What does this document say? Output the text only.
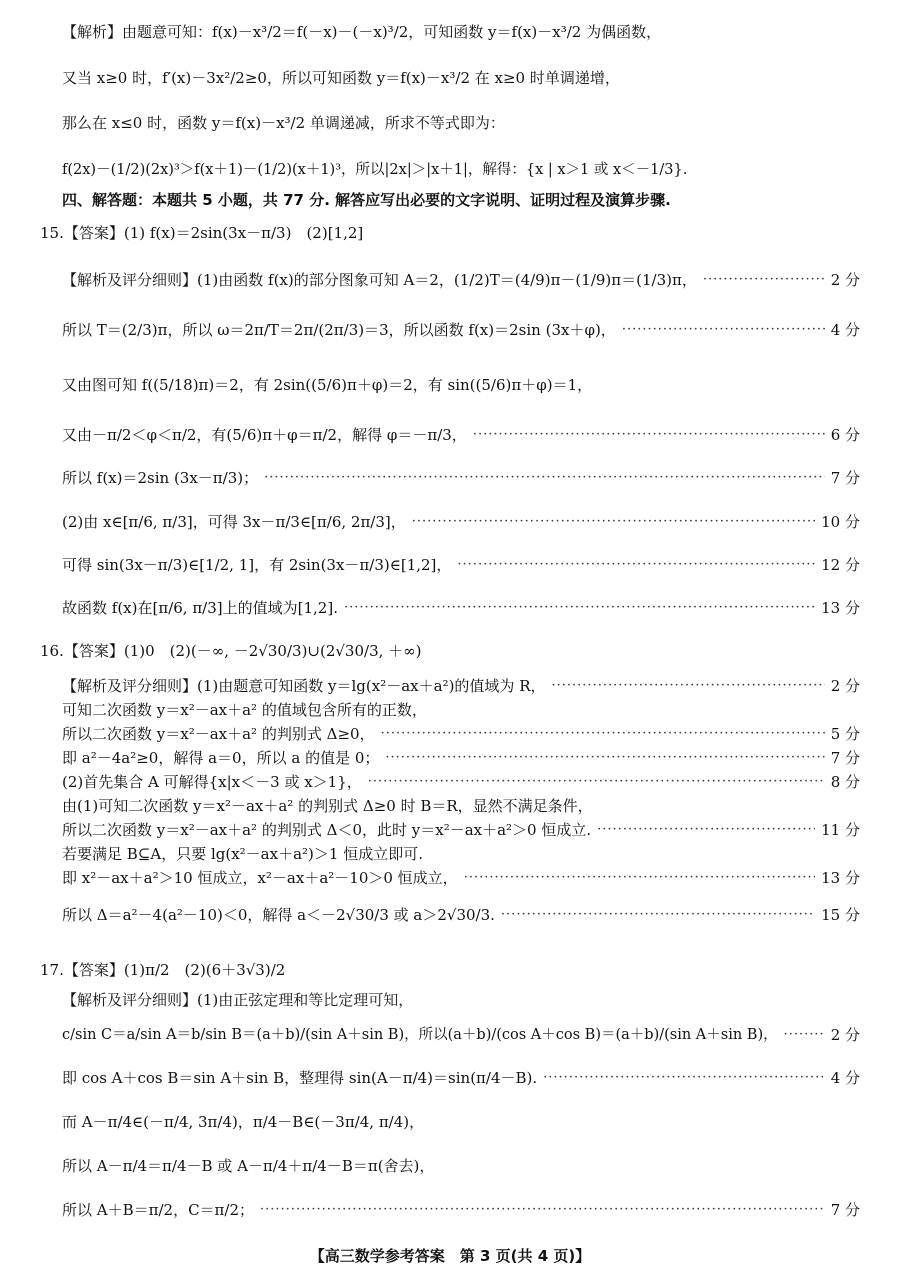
【解析】由题意可知：f(x)－x³/2＝f(－x)－(－x)³/2，可知函数 y＝f(x)－x³/2 为偶函数，
又当 x≥0 时，f′(x)－3x²/2≥0，所以可知函数 y＝f(x)－x³/2 在 x≥0 时单调递增，
那么在 x≤0 时，函数 y＝f(x)－x³/2 单调递减，所求不等式即为：
f(2x)－(1/2)(2x)³＞f(x＋1)－(1/2)(x＋1)³，所以|2x|＞|x＋1|，解得：{x | x＞1 或 x＜－1/3}.
四、解答题：本题共 5 小题，共 77 分. 解答应写出必要的文字说明、证明过程及演算步骤.
15.【答案】(1) f(x)＝2sin(3x－π/3)　(2)[1,2]
【解析及评分细则】(1)由函数 f(x)的部分图象可知 A＝2，(1/2)T＝(4/9)π－(1/9)π＝(1/3)π， ·····	2 分
所以 T＝(2/3)π，所以 ω＝2π/T＝2π/(2π/3)＝3，所以函数 f(x)＝2sin (3x＋φ)， ·····	4 分
又由图可知 f((5/18)π)＝2，有 2sin((5/6)π＋φ)＝2，有 sin((5/6)π＋φ)＝1，
又由－π/2＜φ＜π/2，有(5/6)π＋φ＝π/2，解得 φ＝－π/3， ·····	6 分
所以 f(x)＝2sin (3x－π/3)； ·····	7 分
(2)由 x∈[π/6, π/3]，可得 3x－π/3∈[π/6, 2π/3]， ·····	10 分
可得 sin(3x－π/3)∈[1/2, 1]，有 2sin(3x－π/3)∈[1,2]， ·····	12 分
故函数 f(x)在[π/6, π/3]上的值域为[1,2]. ·····	13 分
16.【答案】(1)0　(2)(－∞, －2√30/3)∪(2√30/3, ＋∞)
【解析及评分细则】(1)由题意可知函数 y＝lg(x²－ax＋a²)的值域为 R， ·····	2 分
可知二次函数 y＝x²－ax＋a² 的值域包含所有的正数，
所以二次函数 y＝x²－ax＋a² 的判别式 Δ≥0， ·····	5 分
即 a²－4a²≥0，解得 a＝0，所以 a 的值是 0； ·····	7 分
(2)首先集合 A 可解得{x|x＜－3 或 x＞1}， ·····	8 分
由(1)可知二次函数 y＝x²－ax＋a² 的判别式 Δ≥0 时 B＝R，显然不满足条件，
所以二次函数 y＝x²－ax＋a² 的判别式 Δ＜0，此时 y＝x²－ax＋a²＞0 恒成立. ·····	11 分
若要满足 B⊆A，只要 lg(x²－ax＋a²)＞1 恒成立即可.
即 x²－ax＋a²＞10 恒成立，x²－ax＋a²－10＞0 恒成立， ·····	13 分
所以 Δ＝a²－4(a²－10)＜0，解得 a＜－2√30/3 或 a＞2√30/3. ·····	15 分
17.【答案】(1)π/2　(2)(6＋3√3)/2
【解析及评分细则】(1)由正弦定理和等比定理可知，
c/sin C＝a/sin A＝b/sin B＝(a＋b)/(sin A＋sin B)，所以(a＋b)/(cos A＋cos B)＝(a＋b)/(sin A＋sin B)， ·····	2 分
即 cos A＋cos B＝sin A＋sin B，整理得 sin(A－π/4)＝sin(π/4－B). ·····	4 分
而 A－π/4∈(－π/4, 3π/4)，π/4－B∈(－3π/4, π/4)，
所以 A－π/4＝π/4－B 或 A－π/4＋π/4－B＝π(舍去)，
所以 A＋B＝π/2，C＝π/2； ·····	7 分
【高三数学参考答案　第 3 页(共 4 页)】
